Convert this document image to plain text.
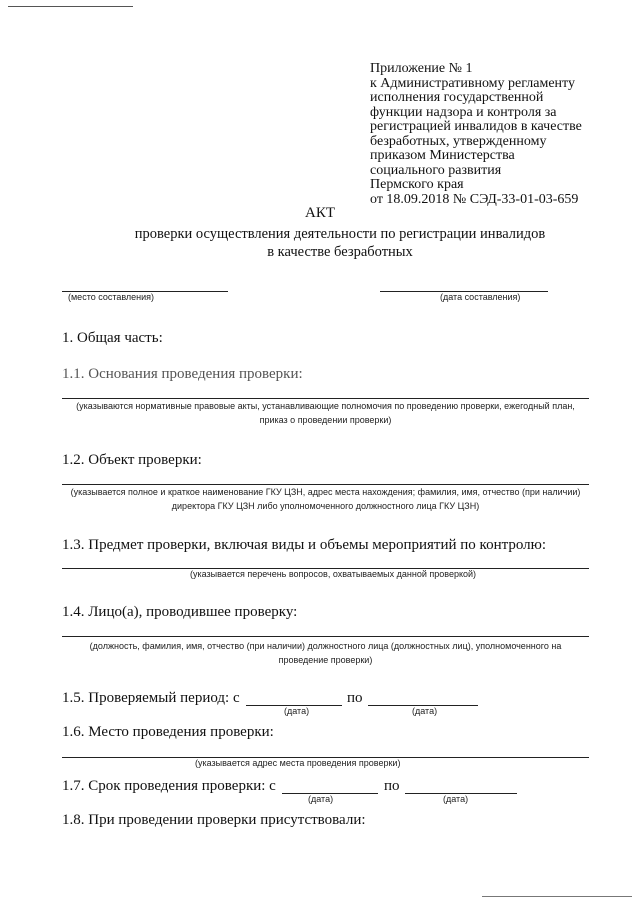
Приложение № 1
к Административному регламенту
исполнения государственной
функции надзора и контроля за
регистрацией инвалидов в качестве
безработных, утвержденному
приказом Министерства
социального развития
Пермского края
от 18.09.2018 № СЭД-33-01-03-659
АКТ
проверки осуществления деятельности по регистрации инвалидов
в качестве безработных
(место составления)	(дата составления)
1. Общая часть:
1.1. Основания проведения проверки:
(указываются нормативные правовые акты, устанавливающие полномочия по проведению проверки, ежегодный план,
приказ о проведении проверки)
1.2. Объект проверки:
(указывается полное и краткое наименование ГКУ ЦЗН, адрес места нахождения; фамилия, имя, отчество (при наличии)
директора ГКУ ЦЗН либо уполномоченного должностного лица ГКУ ЦЗН)
1.3. Предмет проверки, включая виды и объемы мероприятий по контролю:
(указывается перечень вопросов, охватываемых данной проверкой)
1.4. Лицо(а), проводившее проверку:
(должность, фамилия, имя, отчество (при наличии) должностного лица (должностных лиц), уполномоченного на
проведение проверки)
1.5. Проверяемый период: с
(дата)
по
(дата)
1.6. Место проведения проверки:
(указывается адрес места проведения проверки)
1.7. Срок проведения проверки: с
(дата)
по
(дата)
1.8. При проведении проверки присутствовали:
